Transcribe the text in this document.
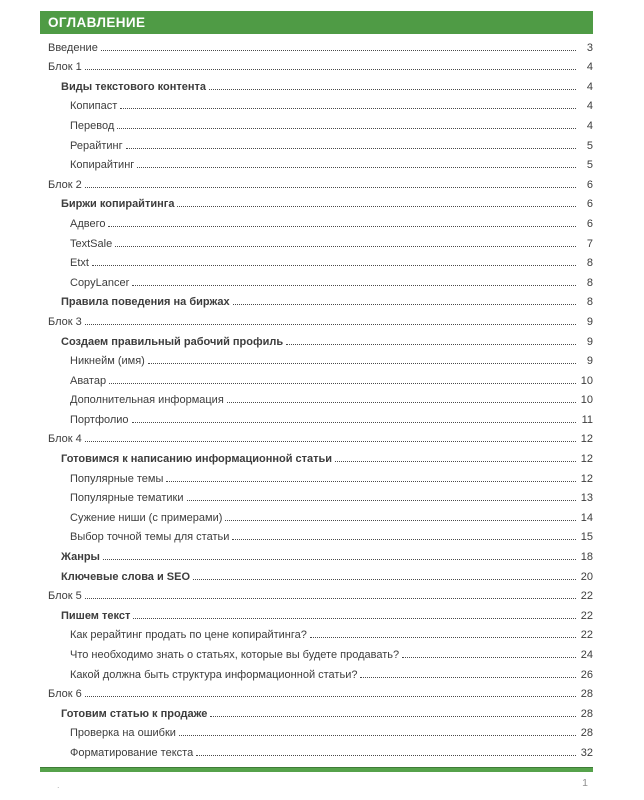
ОГЛАВЛЕНИЕ
Введение	3
Блок 1	4
Виды текстового контента	4
Копипаст	4
Перевод	4
Рерайтинг	5
Копирайтинг	5
Блок 2	6
Биржи копирайтинга	6
Адвего	6
TextSale	7
Etxt	8
CopyLancer	8
Правила поведения на биржах	8
Блок 3	9
Создаем правильный рабочий профиль	9
Никнейм (имя)	9
Аватар	10
Дополнительная информация	10
Портфолио	11
Блок 4	12
Готовимся к написанию информационной статьи	12
Популярные темы	12
Популярные тематики	13
Сужение ниши (с примерами)	14
Выбор точной темы для статьи	15
Жанры	18
Ключевые слова и SEO	20
Блок 5	22
Пишем текст	22
Как рерайтинг продать по цене копирайтинга?	22
Что необходимо знать о статьях, которые вы будете продавать?	24
Какой должна быть структура информационной статьи?	26
Блок 6	28
Готовим статью к продаже	28
Проверка на ошибки	28
Форматирование текста	32
.	1
